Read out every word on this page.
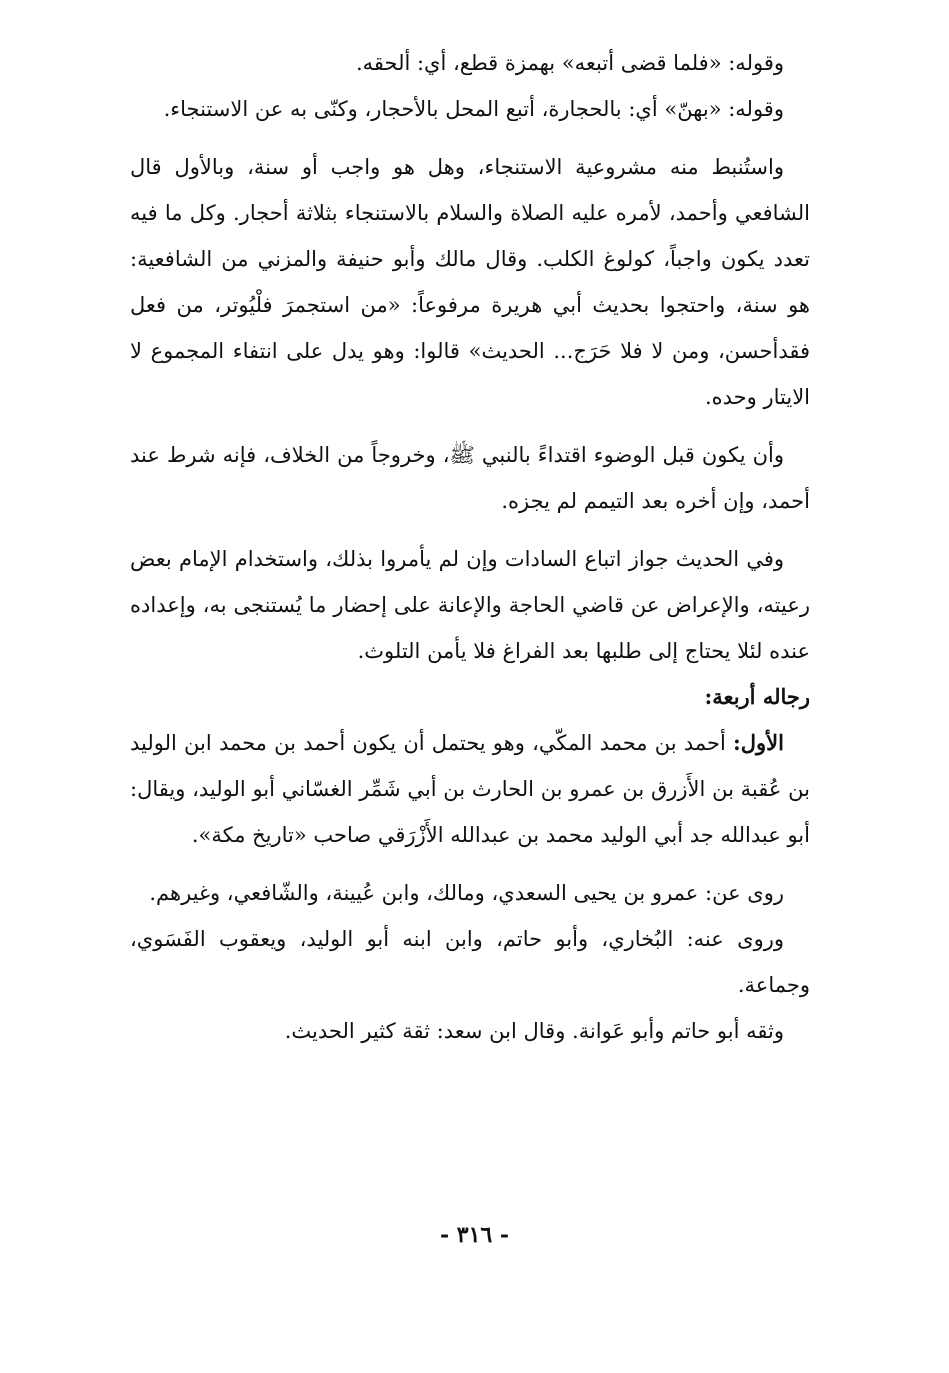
وقوله: «فلما قضى أتبعه» بهمزة قطع، أي: ألحقه.

وقوله: «بهنّ» أي: بالحجارة، أتبع المحل بالأحجار، وكنّى به عن الاستنجاء.

واستُنبط منه مشروعية الاستنجاء، وهل هو واجب أو سنة، وبالأول قال الشافعي وأحمد، لأمره عليه الصلاة والسلام بالاستنجاء بثلاثة أحجار. وكل ما فيه تعدد يكون واجباً، كولوغ الكلب. وقال مالك وأبو حنيفة والمزني من الشافعية: هو سنة، واحتجوا بحديث أبي هريرة مرفوعاً: «من استجمرَ فلْيُوتر، من فعل فقدأحسن، ومن لا فلا حَرَج... الحديث» قالوا: وهو يدل على انتفاء المجموع لا الايتار وحده.

وأن يكون قبل الوضوء اقتداءً بالنبي ﷺ، وخروجاً من الخلاف، فإنه شرط عند أحمد، وإن أخره بعد التيمم لم يجزه.

وفي الحديث جواز اتباع السادات وإن لم يأمروا بذلك، واستخدام الإمام بعض رعيته، والإعراض عن قاضي الحاجة والإعانة على إحضار ما يُستنجى به، وإعداده عنده لئلا يحتاج إلى طلبها بعد الفراغ فلا يأمن التلوث.

رجاله أربعة:

الأول: أحمد بن محمد المكّي، وهو يحتمل أن يكون أحمد بن محمد ابن الوليد بن عُقبة بن الأَزرق بن عمرو بن الحارث بن أبي شَمِّر الغسّاني أبو الوليد، ويقال: أبو عبدالله جد أبي الوليد محمد بن عبدالله الأَزْرَقي صاحب «تاريخ مكة».

روى عن: عمرو بن يحيى السعدي، ومالك، وابن عُيينة، والشّافعي، وغيرهم.

وروى عنه: البُخاري، وأبو حاتم، وابن ابنه أبو الوليد، ويعقوب الفَسَوي، وجماعة.

وثقه أبو حاتم وأبو عَوانة. وقال ابن سعد: ثقة كثير الحديث.

- ٣١٦ -
